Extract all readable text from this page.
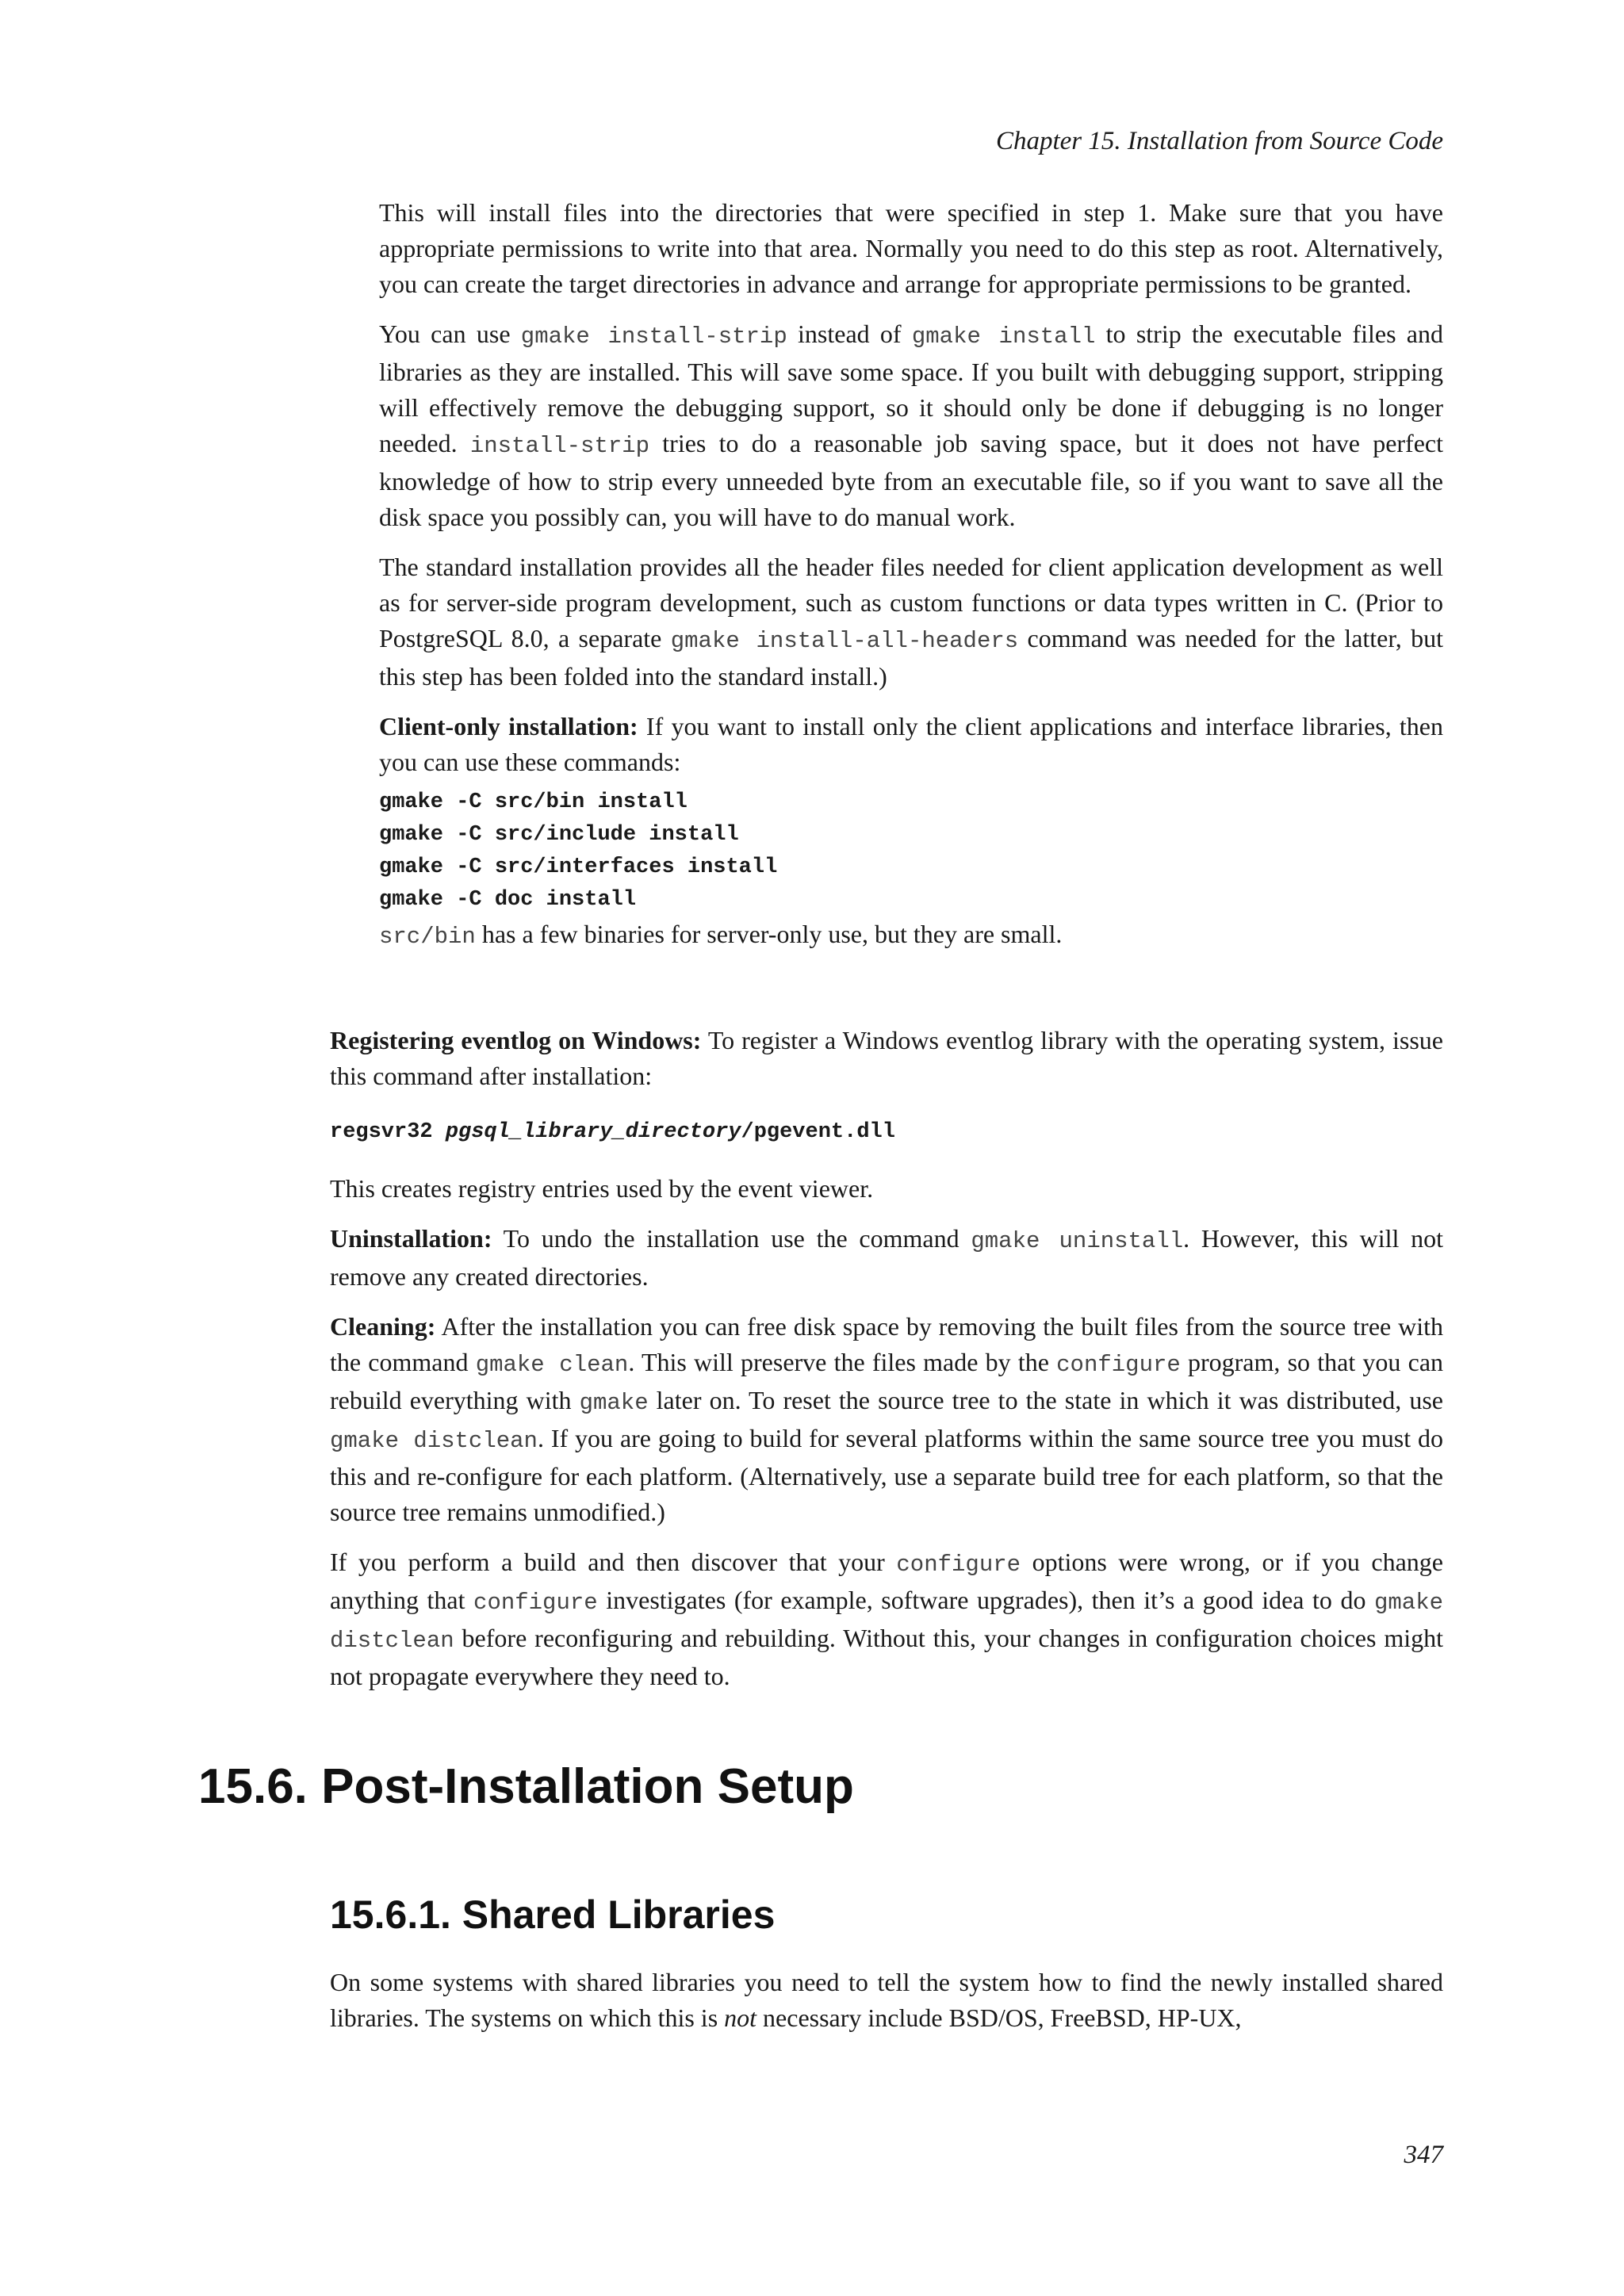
Chapter 15. Installation from Source Code

This will install files into the directories that were specified in step 1. Make sure that you have appropriate permissions to write into that area. Normally you need to do this step as root. Alternatively, you can create the target directories in advance and arrange for appropriate permissions to be granted.

You can use gmake install-strip instead of gmake install to strip the executable files and libraries as they are installed. This will save some space. If you built with debugging support, stripping will effectively remove the debugging support, so it should only be done if debugging is no longer needed. install-strip tries to do a reasonable job saving space, but it does not have perfect knowledge of how to strip every unneeded byte from an executable file, so if you want to save all the disk space you possibly can, you will have to do manual work.

The standard installation provides all the header files needed for client application development as well as for server-side program development, such as custom functions or data types written in C. (Prior to PostgreSQL 8.0, a separate gmake install-all-headers command was needed for the latter, but this step has been folded into the standard install.)

Client-only installation: If you want to install only the client applications and interface libraries, then you can use these commands:

gmake -C src/bin install
gmake -C src/include install
gmake -C src/interfaces install
gmake -C doc install

src/bin has a few binaries for server-only use, but they are small.

Registering eventlog on Windows: To register a Windows eventlog library with the operating system, issue this command after installation:

regsvr32 pgsql_library_directory/pgevent.dll

This creates registry entries used by the event viewer.

Uninstallation: To undo the installation use the command gmake uninstall. However, this will not remove any created directories.

Cleaning: After the installation you can free disk space by removing the built files from the source tree with the command gmake clean. This will preserve the files made by the configure program, so that you can rebuild everything with gmake later on. To reset the source tree to the state in which it was distributed, use gmake distclean. If you are going to build for several platforms within the same source tree you must do this and re-configure for each platform. (Alternatively, use a separate build tree for each platform, so that the source tree remains unmodified.)

If you perform a build and then discover that your configure options were wrong, or if you change anything that configure investigates (for example, software upgrades), then it’s a good idea to do gmake distclean before reconfiguring and rebuilding. Without this, your changes in configuration choices might not propagate everywhere they need to.

15.6. Post-Installation Setup
15.6.1. Shared Libraries

On some systems with shared libraries you need to tell the system how to find the newly installed shared libraries. The systems on which this is not necessary include BSD/OS, FreeBSD, HP-UX,

347
